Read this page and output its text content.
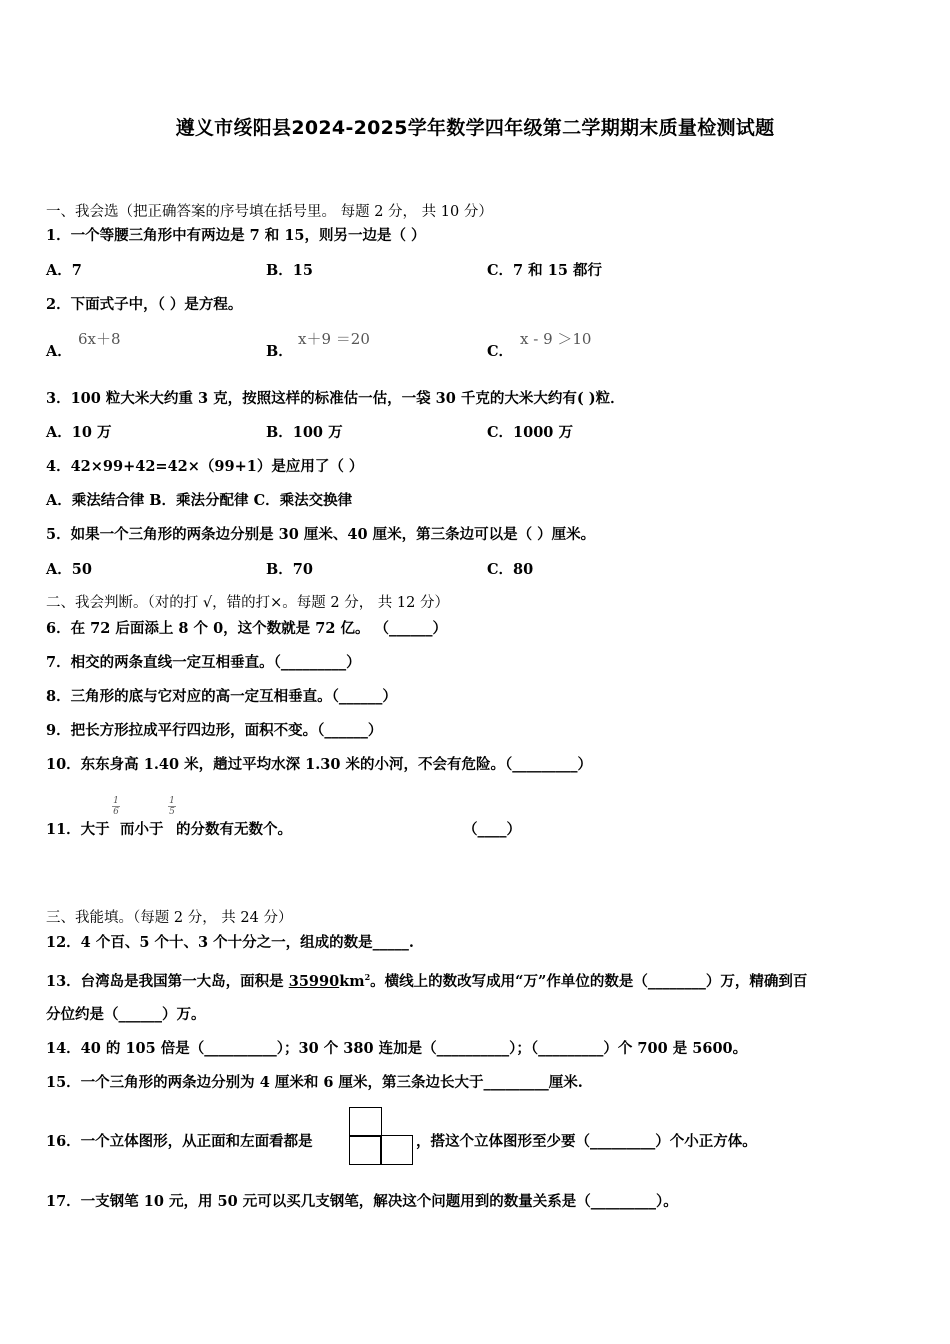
遵义市绥阳县2024-2025学年数学四年级第二学期期末质量检测试题
一、我会选（把正确答案的序号填在括号里。 每题 2 分， 共 10 分）
1．一个等腰三角形中有两边是 7 和 15，则另一边是（ ）
A．7	B．15	C．7 和 15 都行
2．下面式子中，（ ）是方程。
A．
6x＋8
B．
x＋9 ＝20
C．
x - 9 ＞10
3．100 粒大米大约重 3 克，按照这样的标准估一估，一袋 30 千克的大米大约有( )粒．
A．10 万	B．100 万	C．1000 万
4．42×99+42=42×（99+1）是应用了（ ）
A．乘法结合律 B．乘法分配律 C．乘法交换律
5．如果一个三角形的两条边分别是 30 厘米、40 厘米，第三条边可以是（ ）厘米。
A．50	B．70	C．80
二、我会判断。（对的打 √，错的打×。每题 2 分， 共 12 分）
6．在 72 后面添上 8 个 0，这个数就是 72 亿。 （______）
7．相交的两条直线一定互相垂直。（_________）
8．三角形的底与它对应的高一定互相垂直。（______）
9．把长方形拉成平行四边形，面积不变。（______）
10．东东身高 1.40 米，趟过平均水深 1.30 米的小河，不会有危险。（_________）
11．大于
1
6
而小于
1
5
的分数有无数个。	（____）
三、我能填。（每题 2 分， 共 24 分）
12．4 个百、5 个十、3 个十分之一，组成的数是_____.
13．台湾岛是我国第一大岛，面积是 $35990km^2$。横线上的数改写成用“万”作单位的数是（________）万，精确到百
分位约是（______）万。
14．40 的 105 倍是（__________）；30 个 380 连加是（__________）；（_________）个 700 是 5600。
15．一个三角形的两条边分别为 4 厘米和 6 厘米，第三条边长大于_________厘米.
16．一个立体图形，从正面和左面看都是	，搭这个立体图形至少要（_________）个小正方体。
17．一支钢笔 10 元，用 50 元可以买几支钢笔，解决这个问题用到的数量关系是（_________）。
